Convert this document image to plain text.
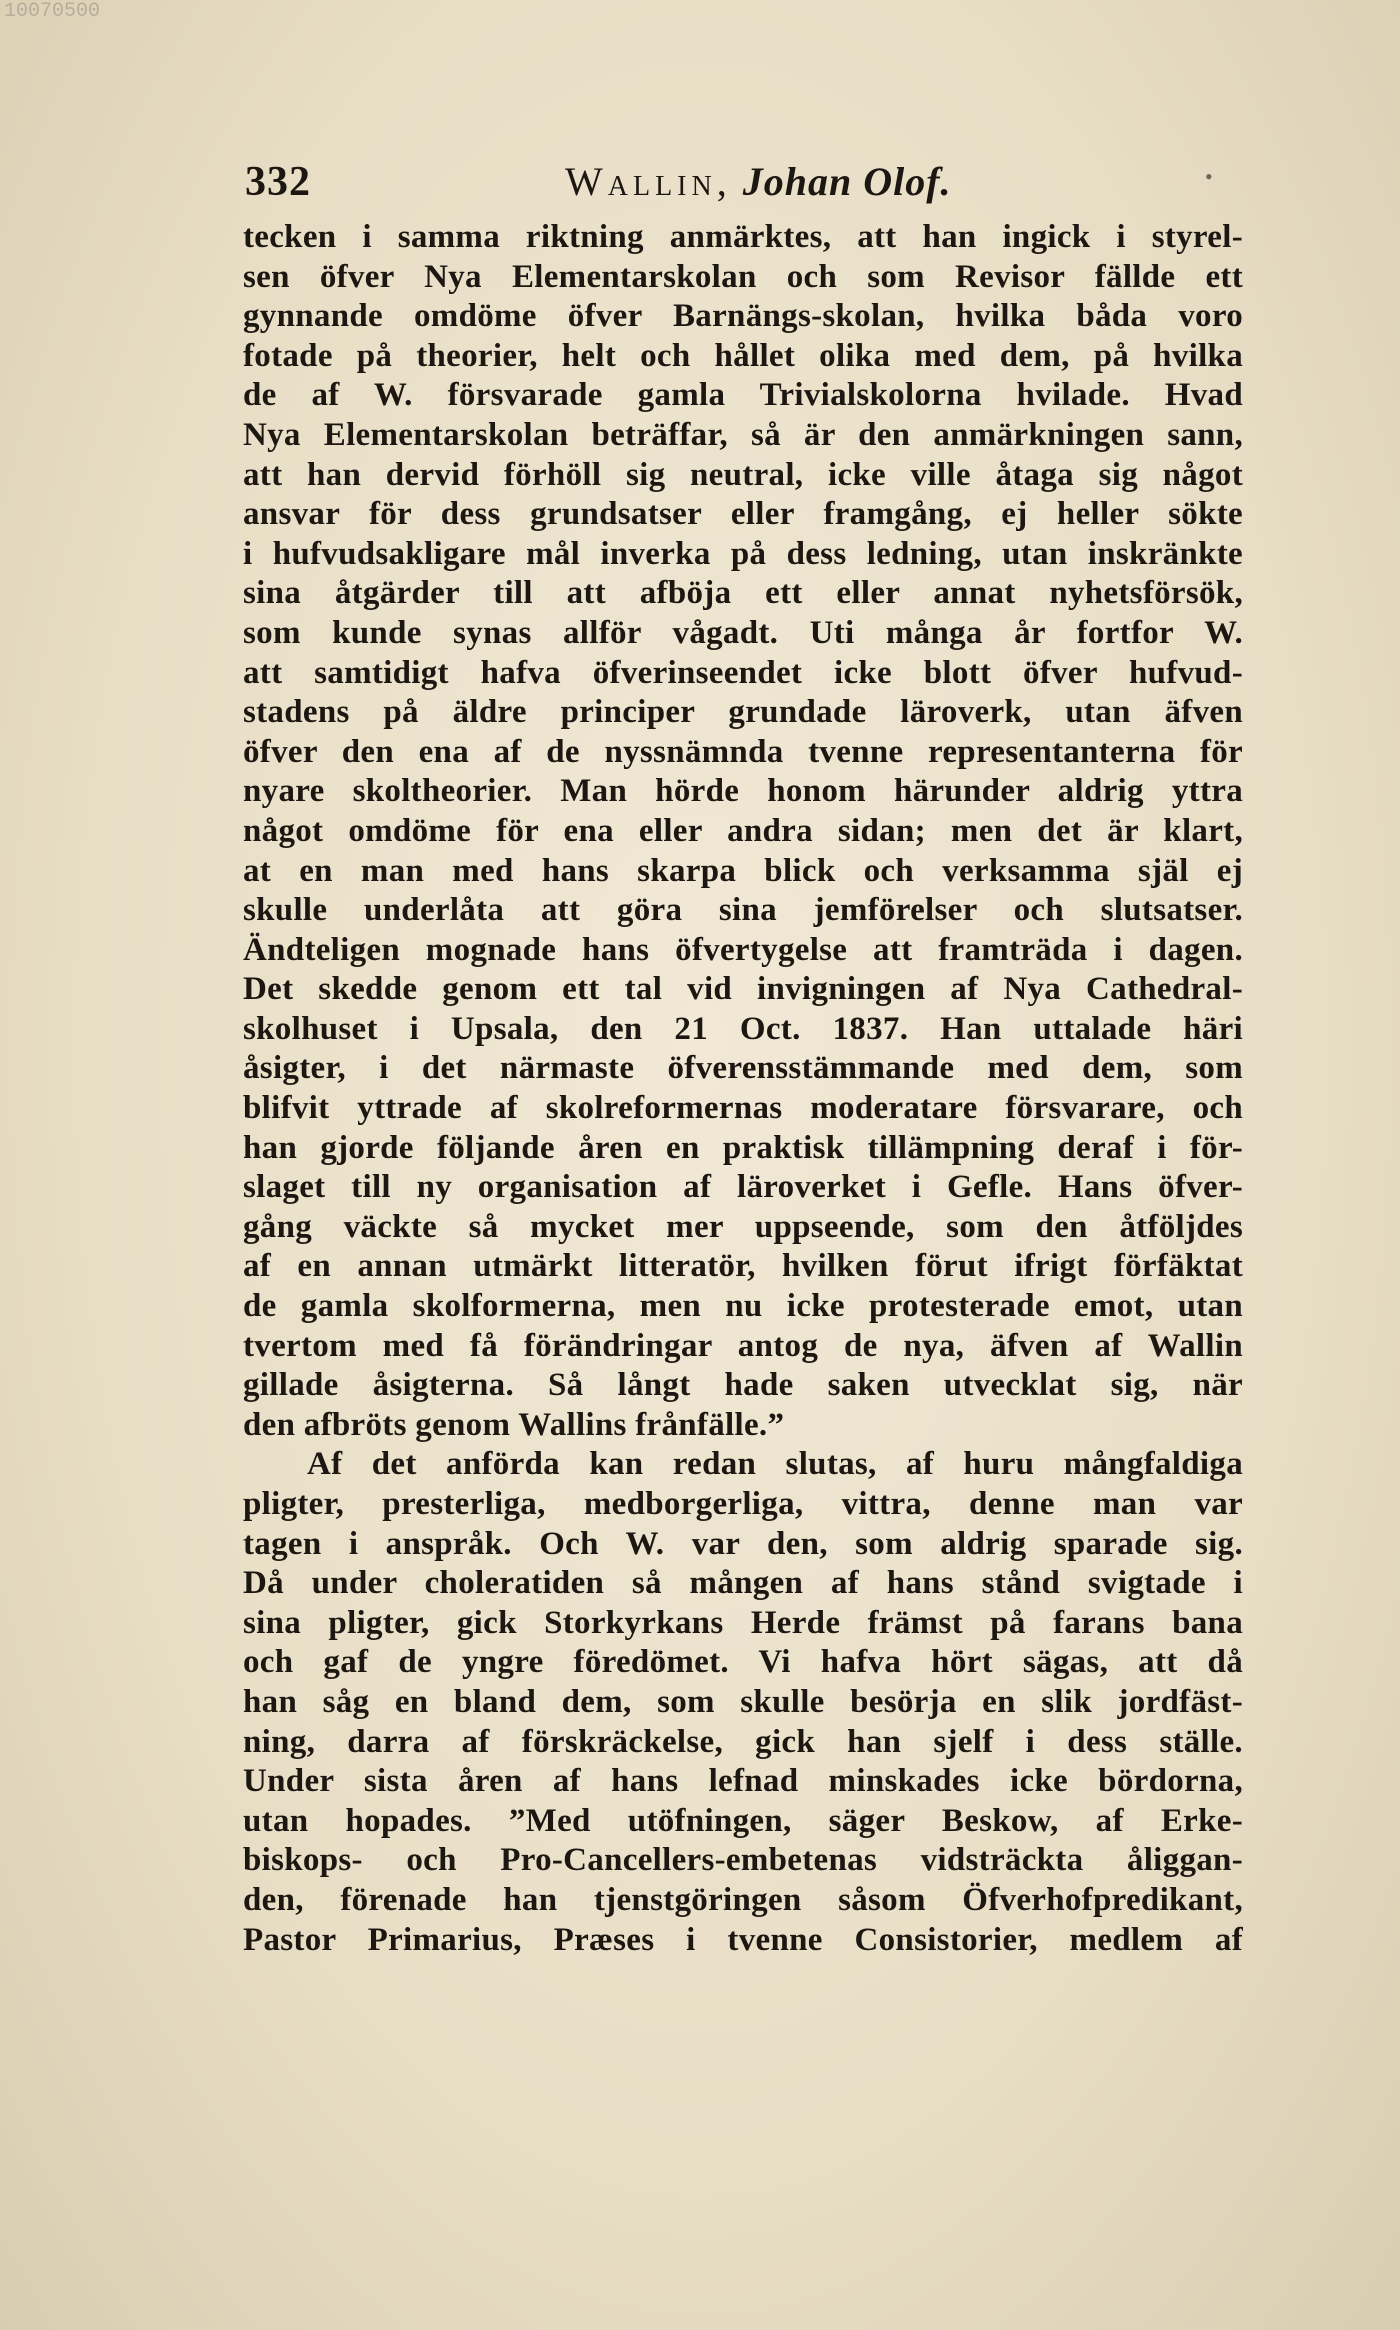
10070500
332	Wallin, Johan Olof.	•
tecken i samma riktning anmärktes, att han ingick i styrel-
sen öfver Nya Elementarskolan och som Revisor fällde ett
gynnande omdöme öfver Barnängs-skolan, hvilka båda voro
fotade på theorier, helt och hållet olika med dem, på hvilka
de af W. försvarade gamla Trivialskolorna hvilade. Hvad
Nya Elementarskolan beträffar, så är den anmärkningen sann,
att han dervid förhöll sig neutral, icke ville åtaga sig något
ansvar för dess grundsatser eller framgång, ej heller sökte
i hufvudsakligare mål inverka på dess ledning, utan inskränkte
sina åtgärder till att afböja ett eller annat nyhetsförsök,
som kunde synas allför vågadt. Uti många år fortfor W.
att samtidigt hafva öfverinseendet icke blott öfver hufvud-
stadens på äldre principer grundade läroverk, utan äfven
öfver den ena af de nyssnämnda tvenne representanterna för
nyare skoltheorier. Man hörde honom härunder aldrig yttra
något omdöme för ena eller andra sidan; men det är klart,
at en man med hans skarpa blick och verksamma själ ej
skulle underlåta att göra sina jemförelser och slutsatser.
Ändteligen mognade hans öfvertygelse att framträda i dagen.
Det skedde genom ett tal vid invigningen af Nya Cathedral-
skolhuset i Upsala, den 21 Oct. 1837. Han uttalade häri
åsigter, i det närmaste öfverensstämmande med dem, som
blifvit yttrade af skolreformernas moderatare försvarare, och
han gjorde följande åren en praktisk tillämpning deraf i för-
slaget till ny organisation af läroverket i Gefle. Hans öfver-
gång väckte så mycket mer uppseende, som den åtföljdes
af en annan utmärkt litteratör, hvilken förut ifrigt förfäktat
de gamla skolformerna, men nu icke protesterade emot, utan
tvertom med få förändringar antog de nya, äfven af Wallin
gillade åsigterna. Så långt hade saken utvecklat sig, när
den afbröts genom Wallins frånfälle.”
Af det anförda kan redan slutas, af huru mångfaldiga
pligter, presterliga, medborgerliga, vittra, denne man var
tagen i anspråk. Och W. var den, som aldrig sparade sig.
Då under choleratiden så mången af hans stånd svigtade i
sina pligter, gick Storkyrkans Herde främst på farans bana
och gaf de yngre föredömet. Vi hafva hört sägas, att då
han såg en bland dem, som skulle besörja en slik jordfäst-
ning, darra af förskräckelse, gick han sjelf i dess ställe.
Under sista åren af hans lefnad minskades icke bördorna,
utan hopades. ”Med utöfningen, säger Beskow, af Erke-
biskops- och Pro-Cancellers-embetenas vidsträckta åliggan-
den, förenade han tjenstgöringen såsom Öfverhofpredikant,
Pastor Primarius, Præses i tvenne Consistorier, medlem af
